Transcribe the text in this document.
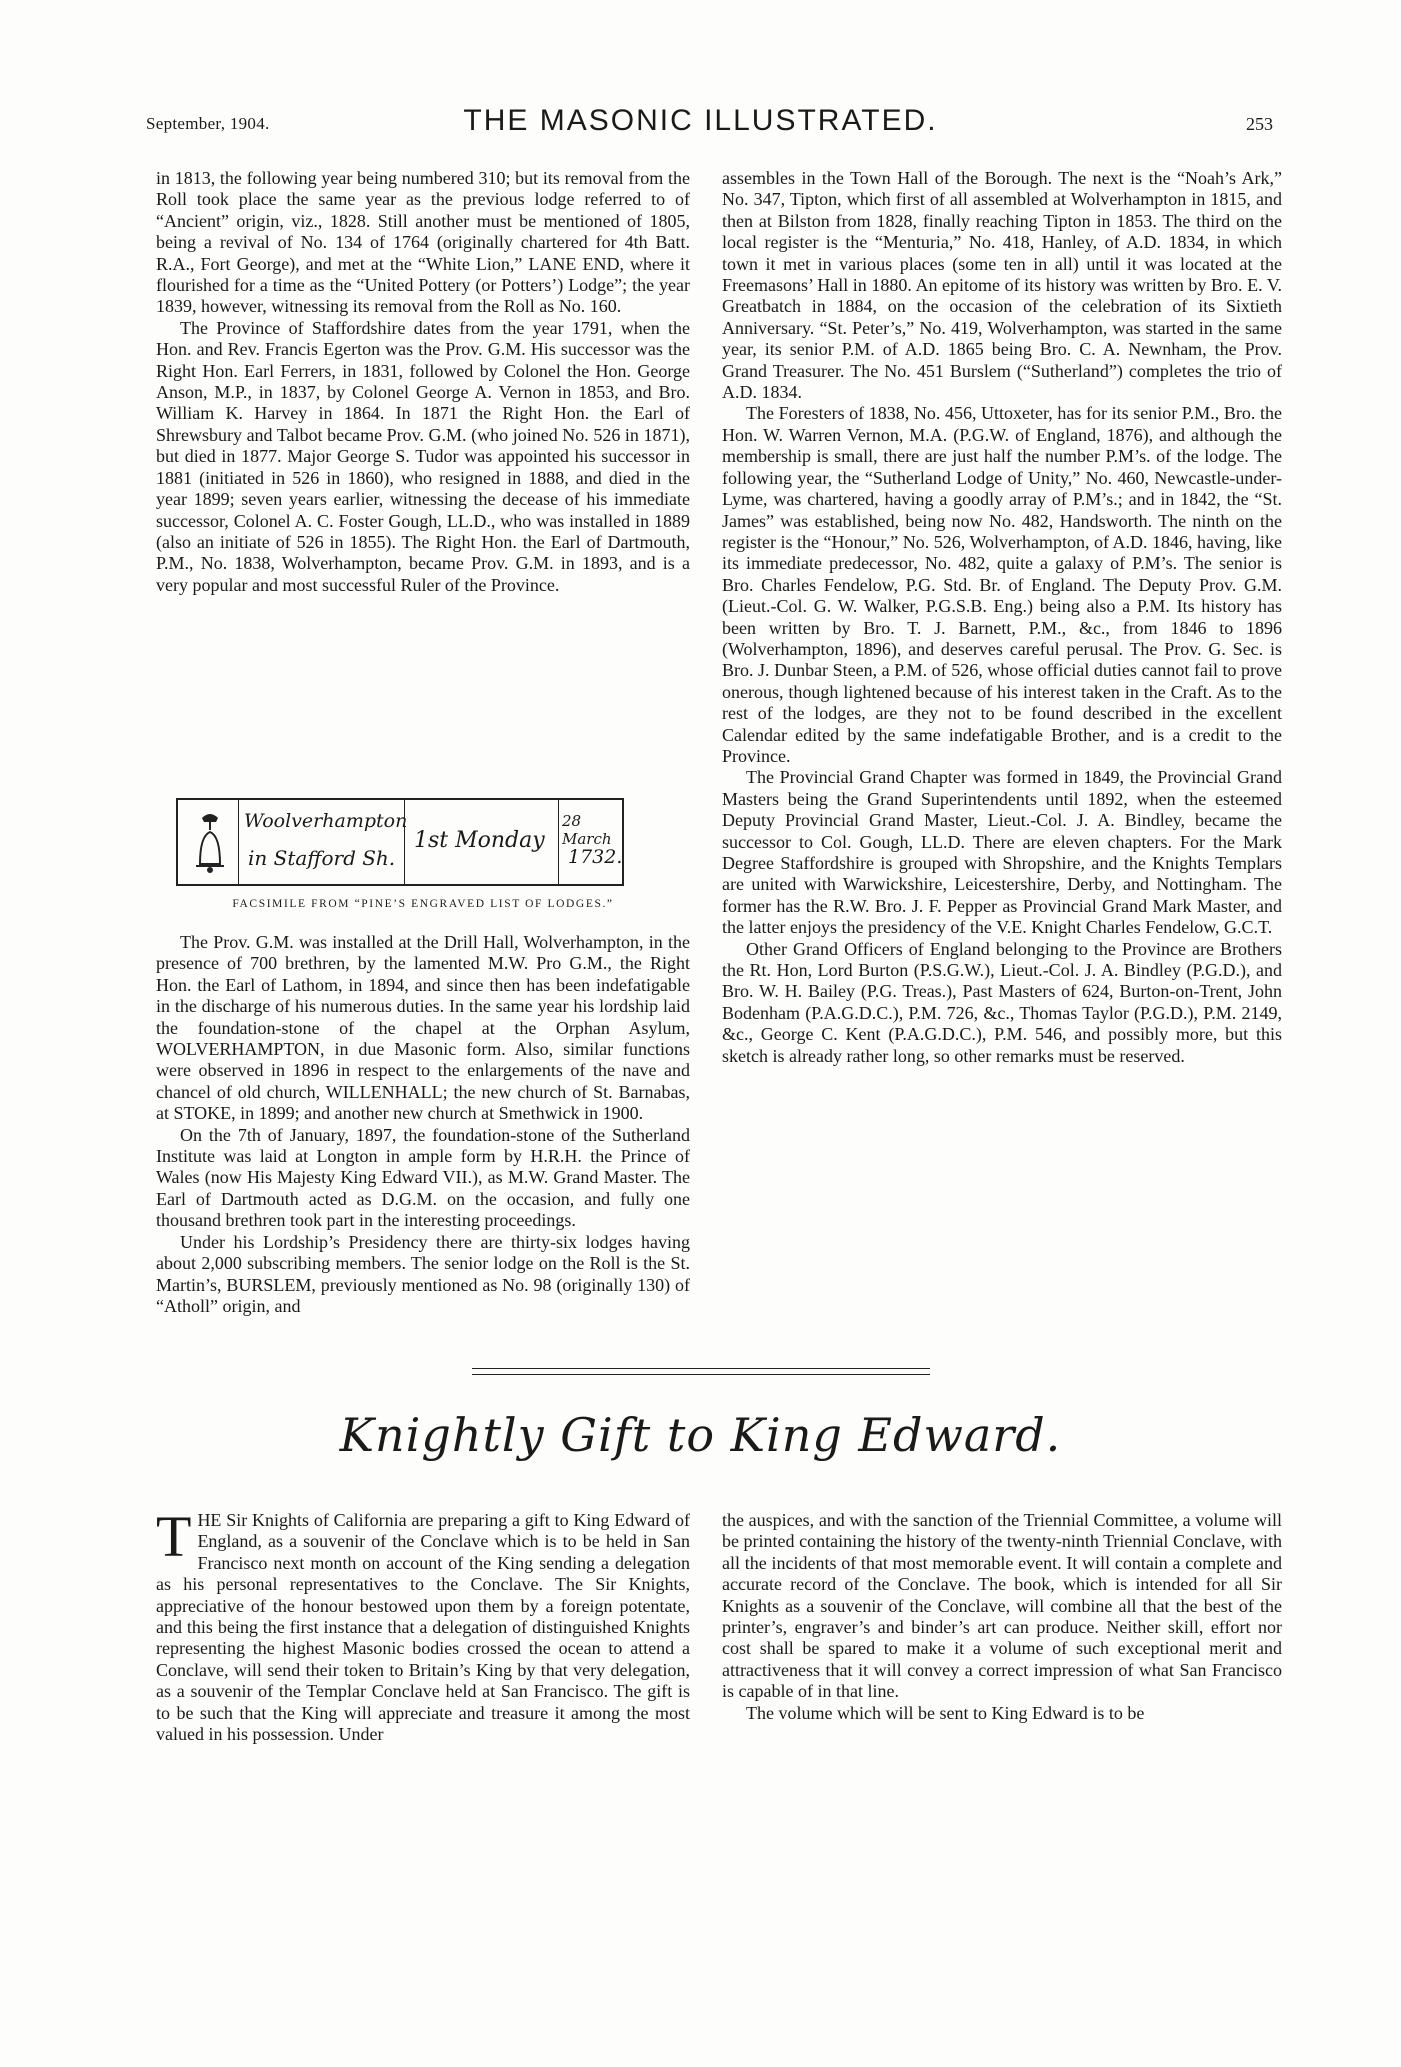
September, 1904.	THE MASONIC ILLUSTRATED.	253

in 1813, the following year being numbered 310; but its removal from the Roll took place the same year as the previous lodge referred to of “Ancient” origin, viz., 1828. Still another must be mentioned of 1805, being a revival of No. 134 of 1764 (originally chartered for 4th Batt. R.A., Fort George), and met at the “White Lion,” LANE END, where it flourished for a time as the “United Pottery (or Potters’) Lodge”; the year 1839, however, witnessing its removal from the Roll as No. 160.

The Province of Staffordshire dates from the year 1791, when the Hon. and Rev. Francis Egerton was the Prov. G.M. His successor was the Right Hon. Earl Ferrers, in 1831, followed by Colonel the Hon. George Anson, M.P., in 1837, by Colonel George A. Vernon in 1853, and Bro. William K. Harvey in 1864. In 1871 the Right Hon. the Earl of Shrewsbury and Talbot became Prov. G.M. (who joined No. 526 in 1871), but died in 1877. Major George S. Tudor was appointed his successor in 1881 (initiated in 526 in 1860), who resigned in 1888, and died in the year 1899; seven years earlier, witnessing the decease of his immediate successor, Colonel A. C. Foster Gough, LL.D., who was installed in 1889 (also an initiate of 526 in 1855). The Right Hon. the Earl of Dartmouth, P.M., No. 1838, Wolverhampton, became Prov. G.M. in 1893, and is a very popular and most successful Ruler of the Province.

Woolverhampton
in Stafford Sh.
1st Monday
28 March
1732.
FACSIMILE FROM “PINE’S ENGRAVED LIST OF LODGES.”

The Prov. G.M. was installed at the Drill Hall, Wolverhampton, in the presence of 700 brethren, by the lamented M.W. Pro G.M., the Right Hon. the Earl of Lathom, in 1894, and since then has been indefatigable in the discharge of his numerous duties. In the same year his lordship laid the foundation-stone of the chapel at the Orphan Asylum, WOLVERHAMPTON, in due Masonic form. Also, similar functions were observed in 1896 in respect to the enlargements of the nave and chancel of old church, WILLENHALL; the new church of St. Barnabas, at STOKE, in 1899; and another new church at Smethwick in 1900.

On the 7th of January, 1897, the foundation-stone of the Sutherland Institute was laid at Longton in ample form by H.R.H. the Prince of Wales (now His Majesty King Edward VII.), as M.W. Grand Master. The Earl of Dartmouth acted as D.G.M. on the occasion, and fully one thousand brethren took part in the interesting proceedings.

Under his Lordship’s Presidency there are thirty-six lodges having about 2,000 subscribing members. The senior lodge on the Roll is the St. Martin’s, BURSLEM, previously mentioned as No. 98 (originally 130) of “Atholl” origin, and

assembles in the Town Hall of the Borough. The next is the “Noah’s Ark,” No. 347, Tipton, which first of all assembled at Wolverhampton in 1815, and then at Bilston from 1828, finally reaching Tipton in 1853. The third on the local register is the “Menturia,” No. 418, Hanley, of A.D. 1834, in which town it met in various places (some ten in all) until it was located at the Freemasons’ Hall in 1880. An epitome of its history was written by Bro. E. V. Greatbatch in 1884, on the occasion of the celebration of its Sixtieth Anniversary. “St. Peter’s,” No. 419, Wolverhampton, was started in the same year, its senior P.M. of A.D. 1865 being Bro. C. A. Newnham, the Prov. Grand Treasurer. The No. 451 Burslem (“Sutherland”) completes the trio of A.D. 1834.

The Foresters of 1838, No. 456, Uttoxeter, has for its senior P.M., Bro. the Hon. W. Warren Vernon, M.A. (P.G.W. of England, 1876), and although the membership is small, there are just half the number P.M’s. of the lodge. The following year, the “Sutherland Lodge of Unity,” No. 460, Newcastle-under-Lyme, was chartered, having a goodly array of P.M’s.; and in 1842, the “St. James” was established, being now No. 482, Handsworth. The ninth on the register is the “Honour,” No. 526, Wolverhampton, of A.D. 1846, having, like its immediate predecessor, No. 482, quite a galaxy of P.M’s. The senior is Bro. Charles Fendelow, P.G. Std. Br. of England. The Deputy Prov. G.M. (Lieut.-Col. G. W. Walker, P.G.S.B. Eng.) being also a P.M. Its history has been written by Bro. T. J. Barnett, P.M., &c., from 1846 to 1896 (Wolverhampton, 1896), and deserves careful perusal. The Prov. G. Sec. is Bro. J. Dunbar Steen, a P.M. of 526, whose official duties cannot fail to prove onerous, though lightened because of his interest taken in the Craft. As to the rest of the lodges, are they not to be found described in the excellent Calendar edited by the same indefatigable Brother, and is a credit to the Province.

The Provincial Grand Chapter was formed in 1849, the Provincial Grand Masters being the Grand Superintendents until 1892, when the esteemed Deputy Provincial Grand Master, Lieut.-Col. J. A. Bindley, became the successor to Col. Gough, LL.D. There are eleven chapters. For the Mark Degree Staffordshire is grouped with Shropshire, and the Knights Templars are united with Warwickshire, Leicestershire, Derby, and Nottingham. The former has the R.W. Bro. J. F. Pepper as Provincial Grand Mark Master, and the latter enjoys the presidency of the V.E. Knight Charles Fendelow, G.C.T.

Other Grand Officers of England belonging to the Province are Brothers the Rt. Hon, Lord Burton (P.S.G.W.), Lieut.-Col. J. A. Bindley (P.G.D.), and Bro. W. H. Bailey (P.G. Treas.), Past Masters of 624, Burton-on-Trent, John Bodenham (P.A.G.D.C.), P.M. 726, &c., Thomas Taylor (P.G.D.), P.M. 2149, &c., George C. Kent (P.A.G.D.C.), P.M. 546, and possibly more, but this sketch is already rather long, so other remarks must be reserved.

Knightly Gift to King Edward.

THE Sir Knights of California are preparing a gift to King Edward of England, as a souvenir of the Conclave which is to be held in San Francisco next month on account of the King sending a delegation as his personal representatives to the Conclave. The Sir Knights, appreciative of the honour bestowed upon them by a foreign potentate, and this being the first instance that a delegation of distinguished Knights representing the highest Masonic bodies crossed the ocean to attend a Conclave, will send their token to Britain’s King by that very delegation, as a souvenir of the Templar Conclave held at San Francisco. The gift is to be such that the King will appreciate and treasure it among the most valued in his possession. Under

the auspices, and with the sanction of the Triennial Committee, a volume will be printed containing the history of the twenty-ninth Triennial Conclave, with all the incidents of that most memorable event. It will contain a complete and accurate record of the Conclave. The book, which is intended for all Sir Knights as a souvenir of the Conclave, will combine all that the best of the printer’s, engraver’s and binder’s art can produce. Neither skill, effort nor cost shall be spared to make it a volume of such exceptional merit and attractiveness that it will convey a correct impression of what San Francisco is capable of in that line.

The volume which will be sent to King Edward is to be
